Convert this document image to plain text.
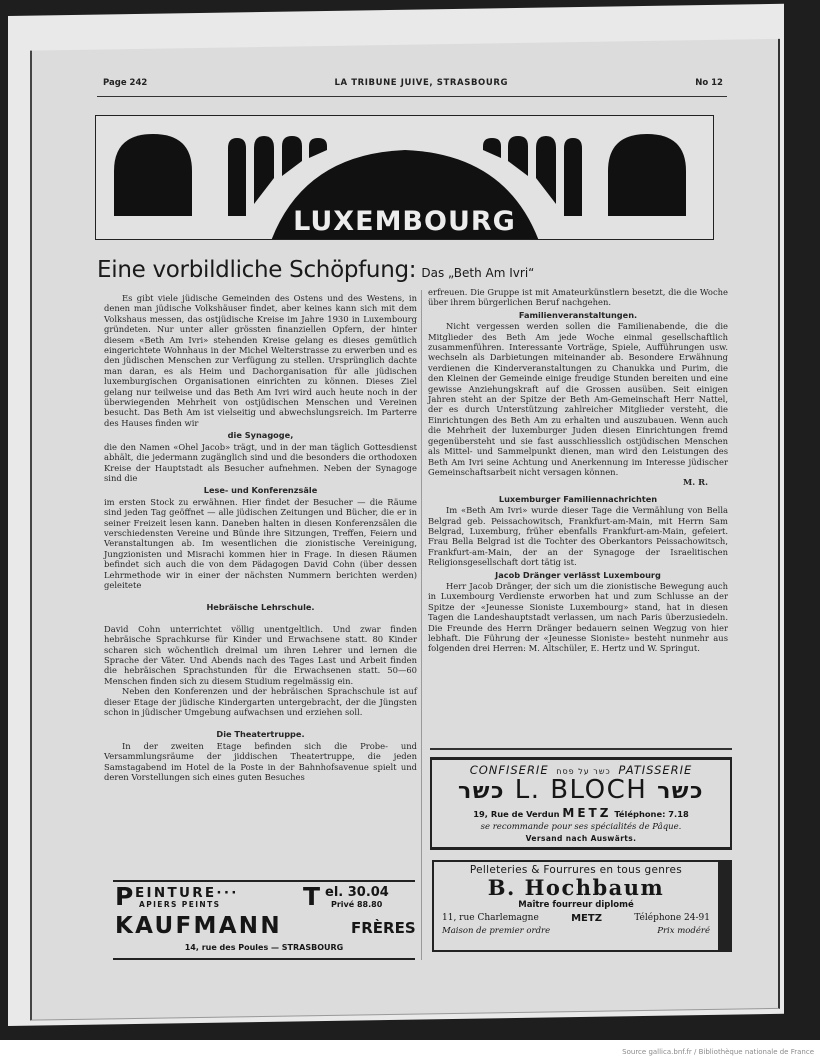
Page 242	LA TRIBUNE JUIVE, STRASBOURG	No 12
LUXEMBOURG
Eine vorbildliche Schöpfung: Das „Beth Am Ivri“

Es gibt viele jüdische Gemeinden des Ostens und des Westens, in denen man jüdische Volkshäuser findet, aber keines kann sich mit dem Volkshaus messen, das ostjüdische Kreise im Jahre 1930 in Luxembourg gründeten. Nur unter aller grössten finanziellen Opfern, der hinter diesem «Beth Am Ivri» stehenden Kreise gelang es dieses gemütlich eingerichtete Wohnhaus in der Michel Welterstrasse zu erwerben und es den jüdischen Menschen zur Verfügung zu stellen. Ursprünglich dachte man daran, es als Heim und Dachorganisation für alle jüdischen luxemburgischen Organisationen einrichten zu können. Dieses Ziel gelang nur teilweise und das Beth Am Ivri wird auch heute noch in der überwiegenden Mehrheit von ostjüdischen Menschen und Vereinen besucht. Das Beth Am ist vielseitig und abwechslungsreich. Im Parterre des Hauses finden wir

die Synagoge,

die den Namen «Ohel Jacob» trägt, und in der man täglich Gottesdienst abhält, die jedermann zugänglich sind und die besonders die orthodoxen Kreise der Hauptstadt als Besucher aufnehmen. Neben der Synagoge sind die

Lese- und Konferenzsäle

im ersten Stock zu erwähnen. Hier findet der Besucher — die Räume sind jeden Tag geöffnet — alle jüdischen Zeitungen und Bücher, die er in seiner Freizeit lesen kann. Daneben halten in diesen Konferenzsälen die verschiedensten Vereine und Bünde ihre Sitzungen, Treffen, Feiern und Veranstaltungen ab. Im wesentlichen die zionistische Vereinigung, Jungzionisten und Misrachi kommen hier in Frage. In diesen Räumen befindet sich auch die von dem Pädagogen David Cohn (über dessen Lehrmethode wir in einer der nächsten Nummern berichten werden) geleitete

Hebräische Lehrschule.

David Cohn unterrichtet völlig unentgeltlich. Und zwar finden hebräische Sprachkurse für Kinder und Erwachsene statt. 80 Kinder scharen sich wöchentlich dreimal um ihren Lehrer und lernen die Sprache der Väter. Und Abends nach des Tages Last und Arbeit finden die hebräischen Sprachstunden für die Erwachsenen statt. 50—60 Menschen finden sich zu diesem Studium regelmässig ein.

Neben den Konferenzen und der hebräischen Sprachschule ist auf dieser Etage der jüdische Kindergarten untergebracht, der die Jüngsten schon in jüdischer Umgebung aufwachsen und erziehen soll.

Die Theatertruppe.

In der zweiten Etage befinden sich die Probe- und Versammlungsräume der jiddischen Theatertruppe, die jeden Samstagabend im Hotel de la Poste in der Bahnhofsavenue spielt und deren Vorstellungen sich eines guten Besuches

erfreuen. Die Gruppe ist mit Amateurkünstlern besetzt, die die Woche über ihrem bürgerlichen Beruf nachgehen.

Familienveranstaltungen.

Nicht vergessen werden sollen die Familienabende, die die Mitglieder des Beth Am jede Woche einmal gesellschaftlich zusammenführen. Interessante Vorträge, Spiele, Aufführungen usw. wechseln als Darbietungen miteinander ab. Besondere Erwähnung verdienen die Kinderveranstaltungen zu Chanukka und Purim, die den Kleinen der Gemeinde einige freudige Stunden bereiten und eine gewisse Anziehungskraft auf die Grossen ausüben. Seit einigen Jahren steht an der Spitze der Beth Am-Gemeinschaft Herr Nattel, der es durch Unterstützung zahlreicher Mitglieder versteht, die Einrichtungen des Beth Am zu erhalten und auszubauen. Wenn auch die Mehrheit der luxemburger Juden diesen Einrichtungen fremd gegenübersteht und sie fast ausschliesslich ostjüdischen Menschen als Mittel- und Sammelpunkt dienen, man wird den Leistungen des Beth Am Ivri seine Achtung und Anerkennung im Interesse jüdischer Gemeinschaftsarbeit nicht versagen können.

M. R.
Luxemburger Familiennachrichten

Im «Beth Am Ivri» wurde dieser Tage die Vermählung von Bella Belgrad geb. Peissachowitsch, Frankfurt-am-Main, mit Herrn Sam Belgrad, Luxemburg, früher ebenfalls Frankfurt-am-Main, gefeiert. Frau Bella Belgrad ist die Tochter des Oberkantors Peissachowitsch, Frankfurt-am-Main, der an der Synagoge der Israelitischen Religionsgesellschaft dort tätig ist.

Jacob Dränger verlässt Luxembourg

Herr Jacob Dränger, der sich um die zionistische Bewegung auch in Luxembourg Verdienste erworben hat und zum Schlusse an der Spitze der «Jeunesse Sioniste Luxembourg» stand, hat in diesen Tagen die Landeshauptstadt verlassen, um nach Paris überzusiedeln. Die Freunde des Herrn Dränger bedauern seinen Wegzug von hier lebhaft. Die Führung der «Jeunesse Sioniste» besteht nunmehr aus folgenden drei Herren: M. Altschüler, E. Hertz und W. Springut.

CONFISERIE כשר על פסח PATISSERIE
כשר L. BLOCH כשר
19, Rue de Verdun METZ Téléphone: 7.18
se recommande pour ses spécialités de Pâque.
Versand nach Auswärts.
Pelleteries & Fourrures en tous genres
B. Hochbaum
Maître fourreur diplomé
11, rue Charlemagne	METZ	Téléphone 24-91
Maison de premier ordre	Prix modéré
P EINTURE···
APIERS PEINTS	T el. 30.04
Privé 88.80
KAUFMANN	FRÈRES
14, rue des Poules — STRASBOURG
Source gallica.bnf.fr / Bibliothèque nationale de France
